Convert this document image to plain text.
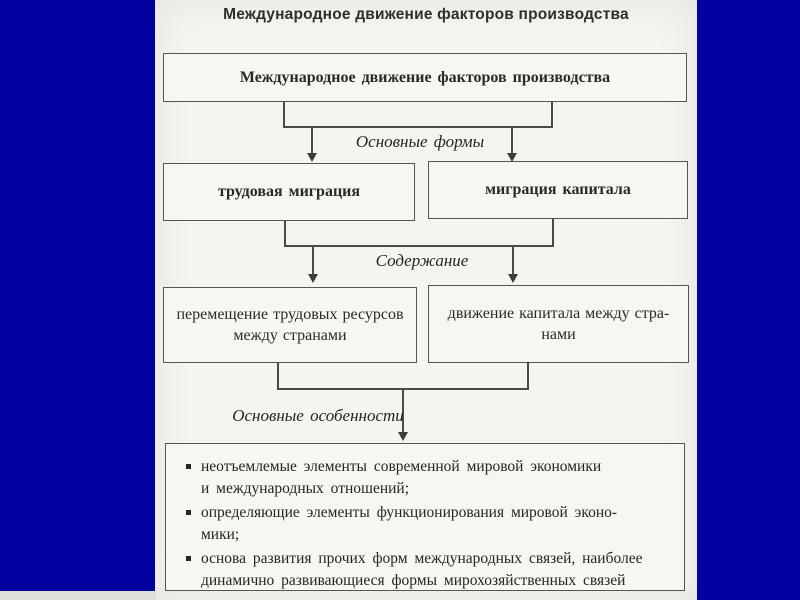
Международное движение факторов производства
Международное движение факторов производства
Основные формы
трудовая миграция	миграция капитала
Содержание
перемещение трудовых ресурсов
между странами
движение капитала между стра-
нами
Основные особенности
неотъемлемые элементы современной мировой экономики
и международных отношений;
определяющие элементы функционирования мировой эконо-
мики;
основа развития прочих форм международных связей, наиболее
динамично развивающиеся формы мирохозяйственных связей
